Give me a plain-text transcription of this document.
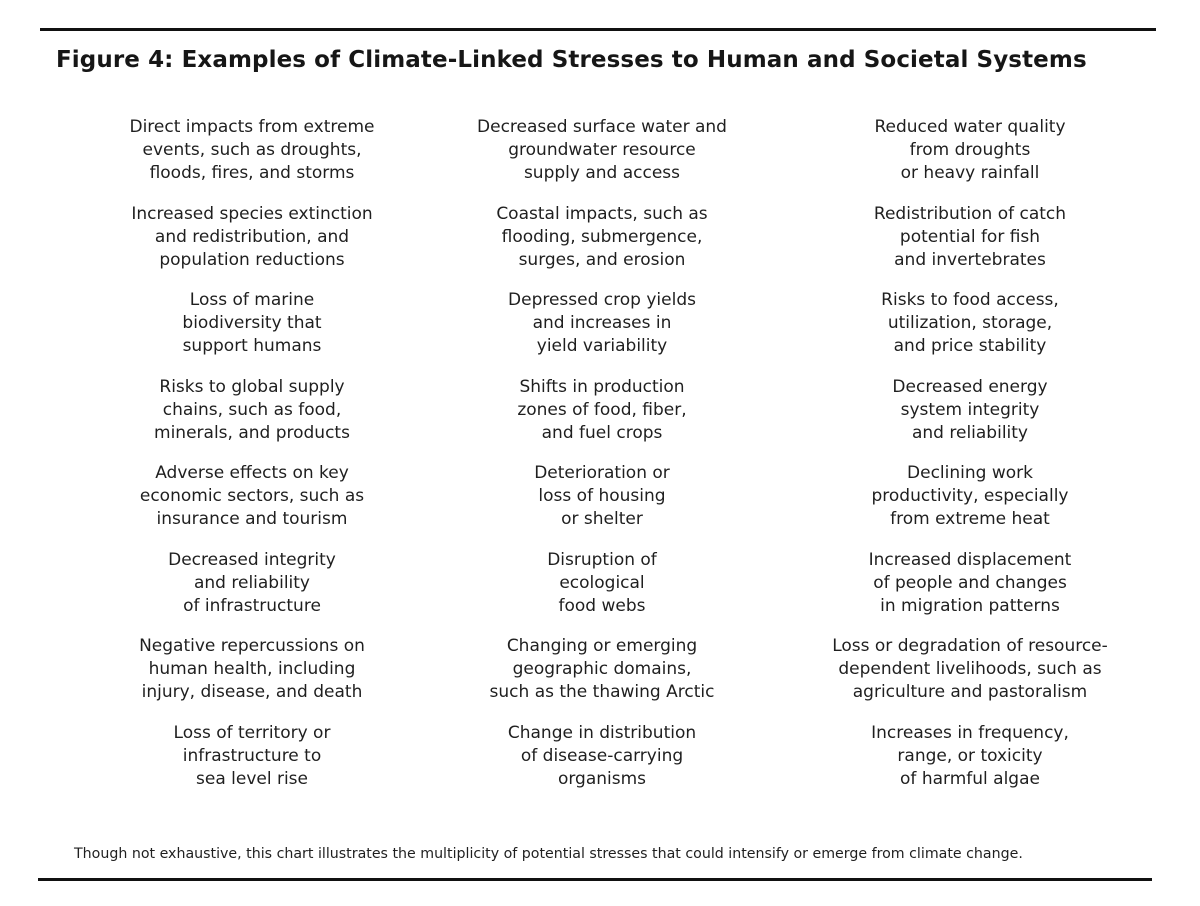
Figure 4: Examples of Climate-Linked Stresses to Human and Societal Systems
Direct impacts from extreme
events, such as droughts,
floods, fires, and storms
Increased species extinction
and redistribution, and
population reductions
Loss of marine
biodiversity that
support humans
Risks to global supply
chains, such as food,
minerals, and products
Adverse effects on key
economic sectors, such as
insurance and tourism
Decreased integrity
and reliability
of infrastructure
Negative repercussions on
human health, including
injury, disease, and death
Loss of territory or
infrastructure to
sea level rise
Decreased surface water and
groundwater resource
supply and access
Coastal impacts, such as
flooding, submergence,
surges, and erosion
Depressed crop yields
and increases in
yield variability
Shifts in production
zones of food, fiber,
and fuel crops
Deterioration or
loss of housing
or shelter
Disruption of
ecological
food webs
Changing or emerging
geographic domains,
such as the thawing Arctic
Change in distribution
of disease-carrying
organisms
Reduced water quality
from droughts
or heavy rainfall
Redistribution of catch
potential for fish
and invertebrates
Risks to food access,
utilization, storage,
and price stability
Decreased energy
system integrity
and reliability
Declining work
productivity, especially
from extreme heat
Increased displacement
of people and changes
in migration patterns
Loss or degradation of resource-
dependent livelihoods, such as
agriculture and pastoralism
Increases in frequency,
range, or toxicity
of harmful algae
Though not exhaustive, this chart illustrates the multiplicity of potential stresses that could intensify or emerge from climate change.
